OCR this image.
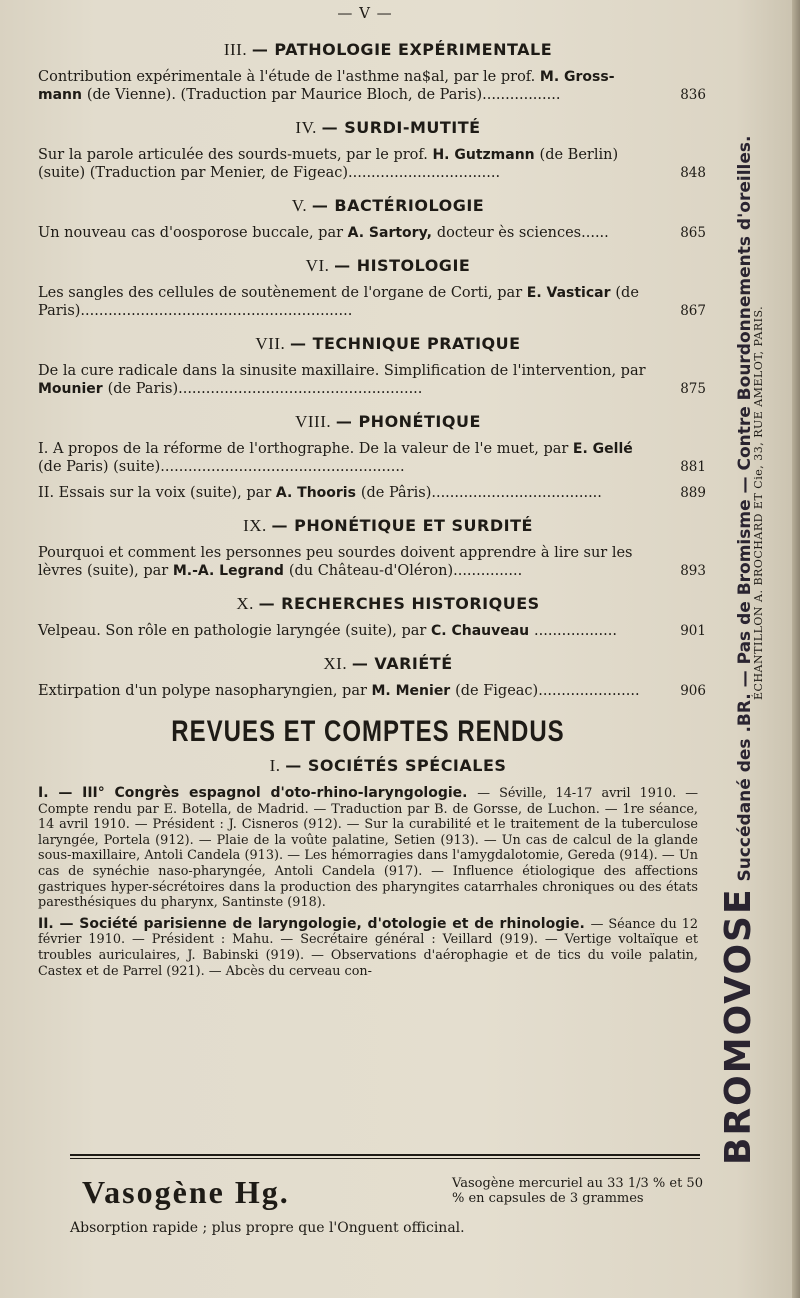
— V —
III. — PATHOLOGIE EXPÉRIMENTALE
Contribution expérimentale à l'étude de l'asthme na$al, par le prof. M. Gross-mann (de Vienne). (Traduction par Maurice Bloch, de Paris).................	836
IV. — SURDI-MUTITÉ
Sur la parole articulée des sourds-muets, par le prof. H. Gutzmann (de Berlin) (suite) (Traduction par Menier, de Figeac).................................	848
V. — BACTÉRIOLOGIE
Un nouveau cas d'oosporose buccale, par A. Sartory, docteur ès sciences......	865
VI. — HISTOLOGIE
Les sangles des cellules de soutènement de l'organe de Corti, par E. Vasticar (de Paris)...........................................................	867
VII. — TECHNIQUE PRATIQUE
De la cure radicale dans la sinusite maxillaire. Simplification de l'intervention, par Mounier (de Paris).....................................................	875
VIII. — PHONÉTIQUE
I. A propos de la réforme de l'orthographe. De la valeur de l'e muet, par E. Gellé (de Paris) (suite).....................................................	881
II. Essais sur la voix (suite), par A. Thooris (de Pâris).....................................	889
IX. — PHONÉTIQUE ET SURDITÉ
Pourquoi et comment les personnes peu sourdes doivent apprendre à lire sur les lèvres (suite), par M.-A. Legrand (du Château-d'Oléron)...............	893
X. — RECHERCHES HISTORIQUES
Velpeau. Son rôle en pathologie laryngée (suite), par C. Chauveau ..................	901
XI. — VARIÉTÉ
Extirpation d'un polype nasopharyngien, par M. Menier (de Figeac)......................	906
REVUES ET COMPTES RENDUS
I. — SOCIÉTÉS SPÉCIALES
I. — III° Congrès espagnol d'oto-rhino-laryngologie. — Séville, 14-17 avril 1910. — Compte rendu par E. Botella, de Madrid. — Traduction par B. de Gorsse, de Luchon. — 1re séance, 14 avril 1910. — Président : J. Cisneros (912). — Sur la curabilité et le traitement de la tuberculose laryngée, Portela (912). — Plaie de la voûte palatine, Setien (913). — Un cas de calcul de la glande sous-maxillaire, Antoli Candela (913). — Les hémorragies dans l'amygdalotomie, Gereda (914). — Un cas de synéchie naso-pharyngée, Antoli Candela (917). — Influence étiologique des affections gastriques hyper-sécrétoires dans la production des pharyngites catarrhales chroniques ou des états paresthésiques du pharynx, Santinste (918).
II. — Société parisienne de laryngologie, d'otologie et de rhinologie. — Séance du 12 février 1910. — Président : Mahu. — Secrétaire général : Veillard (919). — Vertige voltaïque et troubles auriculaires, J. Babinski (919). — Observations d'aérophagie et de tics du voile palatin, Castex et de Parrel (921). — Abcès du cerveau con-
Vasogène Hg.	Vasogène mercuriel au 33 1/3 % et 50 % en capsules de 3 grammes
Absorption rapide ; plus propre que l'Onguent officinal.
BROMOVOSE Succédané des .BR. — Pas de Bromisme — Contre Bourdonnements d'oreilles.
ÉCHANTILLON A. BROCHARD ET Cie, 33, RUE AMELOT, PARIS.
